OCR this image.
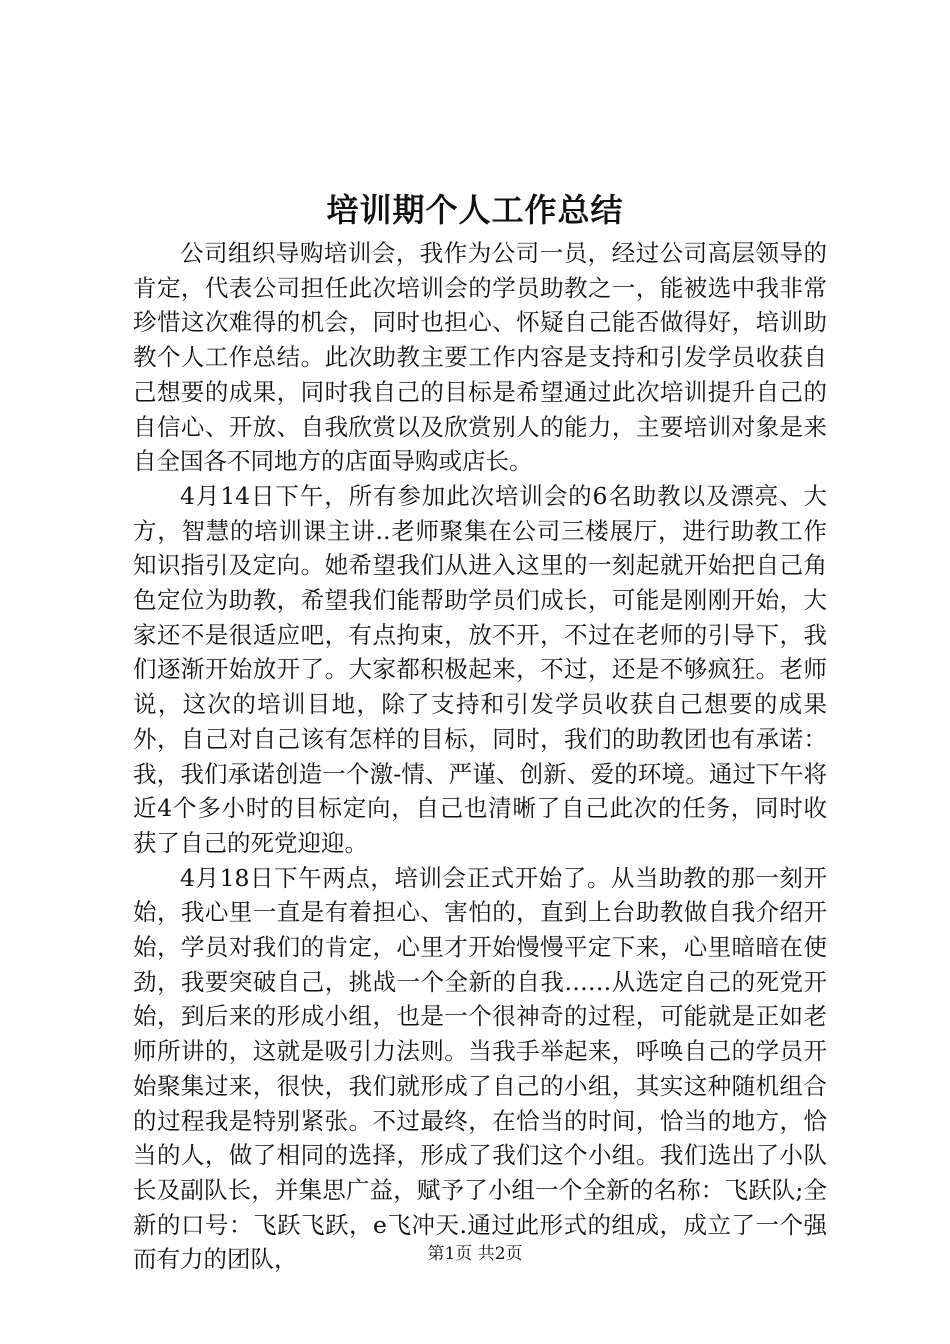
培训期个人工作总结

公司组织导购培训会，我作为公司一员，经过公司高层领导的肯定，代表公司担任此次培训会的学员助教之一，能被选中我非常珍惜这次难得的机会，同时也担心、怀疑自己能否做得好，培训助教个人工作总结。此次助教主要工作内容是支持和引发学员收获自己想要的成果，同时我自己的目标是希望通过此次培训提升自己的自信心、开放、自我欣赏以及欣赏别人的能力，主要培训对象是来自全国各不同地方的店面导购或店长。

4月14日下午，所有参加此次培训会的6名助教以及漂亮、大方，智慧的培训课主讲..老师聚集在公司三楼展厅，进行助教工作知识指引及定向。她希望我们从进入这里的一刻起就开始把自己角色定位为助教，希望我们能帮助学员们成长，可能是刚刚开始，大家还不是很适应吧，有点拘束，放不开，不过在老师的引导下，我们逐渐开始放开了。大家都积极起来，不过，还是不够疯狂。老师说，这次的培训目地，除了支持和引发学员收获自己想要的成果外，自己对自己该有怎样的目标，同时，我们的助教团也有承诺：我，我们承诺创造一个激-情、严谨、创新、爱的环境。通过下午将近4个多小时的目标定向，自己也清晰了自己此次的任务，同时收获了自己的死党迎迎。

4月18日下午两点，培训会正式开始了。从当助教的那一刻开始，我心里一直是有着担心、害怕的，直到上台助教做自我介绍开始，学员对我们的肯定，心里才开始慢慢平定下来，心里暗暗在使劲，我要突破自己，挑战一个全新的自我……从选定自己的死党开始，到后来的形成小组，也是一个很神奇的过程，可能就是正如老师所讲的，这就是吸引力法则。当我手举起来，呼唤自己的学员开始聚集过来，很快，我们就形成了自己的小组，其实这种随机组合的过程我是特别紧张。不过最终，在恰当的时间，恰当的地方，恰当的人，做了相同的选择，形成了我们这个小组。我们选出了小队长及副队长，并集思广益，赋予了小组一个全新的名称：飞跃队;全新的口号：飞跃飞跃，e飞冲天.通过此形式的组成，成立了一个强而有力的团队，	第1页 共2页
